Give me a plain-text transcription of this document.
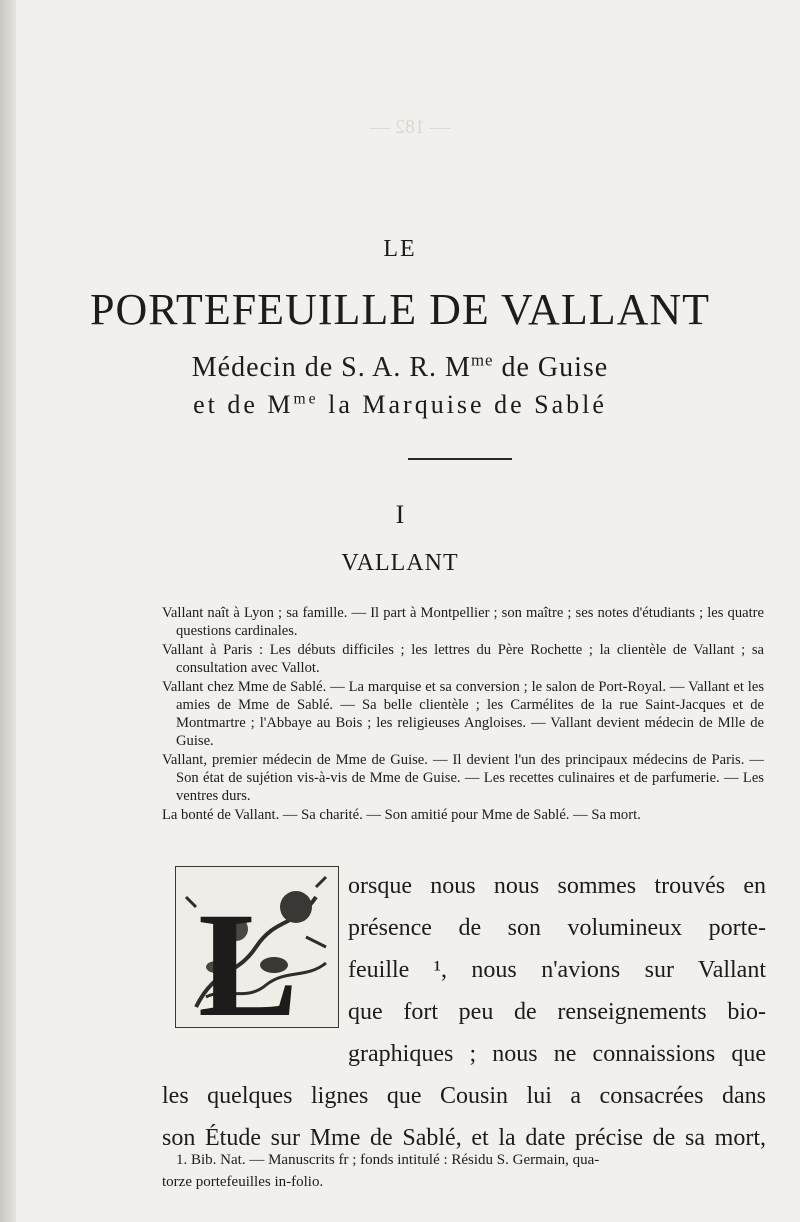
— 182 —
LE
PORTEFEUILLE DE VALLANT
Médecin de S. A. R. $M^{me}$ de Guise
et de $M^{me}$ la Marquise de Sablé
I
VALLANT

Vallant naît à Lyon ; sa famille. — Il part à Montpellier ; son maître ; ses notes d'étudiants ; les quatre questions cardinales.

Vallant à Paris : Les débuts difficiles ; les lettres du Père Rochette ; la clientèle de Vallant ; sa consultation avec Vallot.

Vallant chez Mme de Sablé. — La marquise et sa conversion ; le salon de Port-Royal. — Vallant et les amies de Mme de Sablé. — Sa belle clientèle ; les Carmélites de la rue Saint-Jacques et de Montmartre ; l'Abbaye au Bois ; les religieuses Angloises. — Vallant devient médecin de Mlle de Guise.

Vallant, premier médecin de Mme de Guise. — Il devient l'un des principaux médecins de Paris. — Son état de sujétion vis-à-vis de Mme de Guise. — Les recettes culinaires et de parfumerie. — Les ventres durs.

La bonté de Vallant. — Sa charité. — Son amitié pour Mme de Sablé. — Sa mort.

L orsque nous nous sommes trouvés en
présence de son volumineux porte-
feuille ¹, nous n'avions sur Vallant
que fort peu de renseignements bio-
graphiques ; nous ne connaissions que
les quelques lignes que Cousin lui a consacrées dans
son Étude sur Mme de Sablé, et la date précise de sa mort,
1. Bib. Nat. — Manuscrits fr ; fonds intitulé : Résidu S. Germain, qua-
torze portefeuilles in-folio.
